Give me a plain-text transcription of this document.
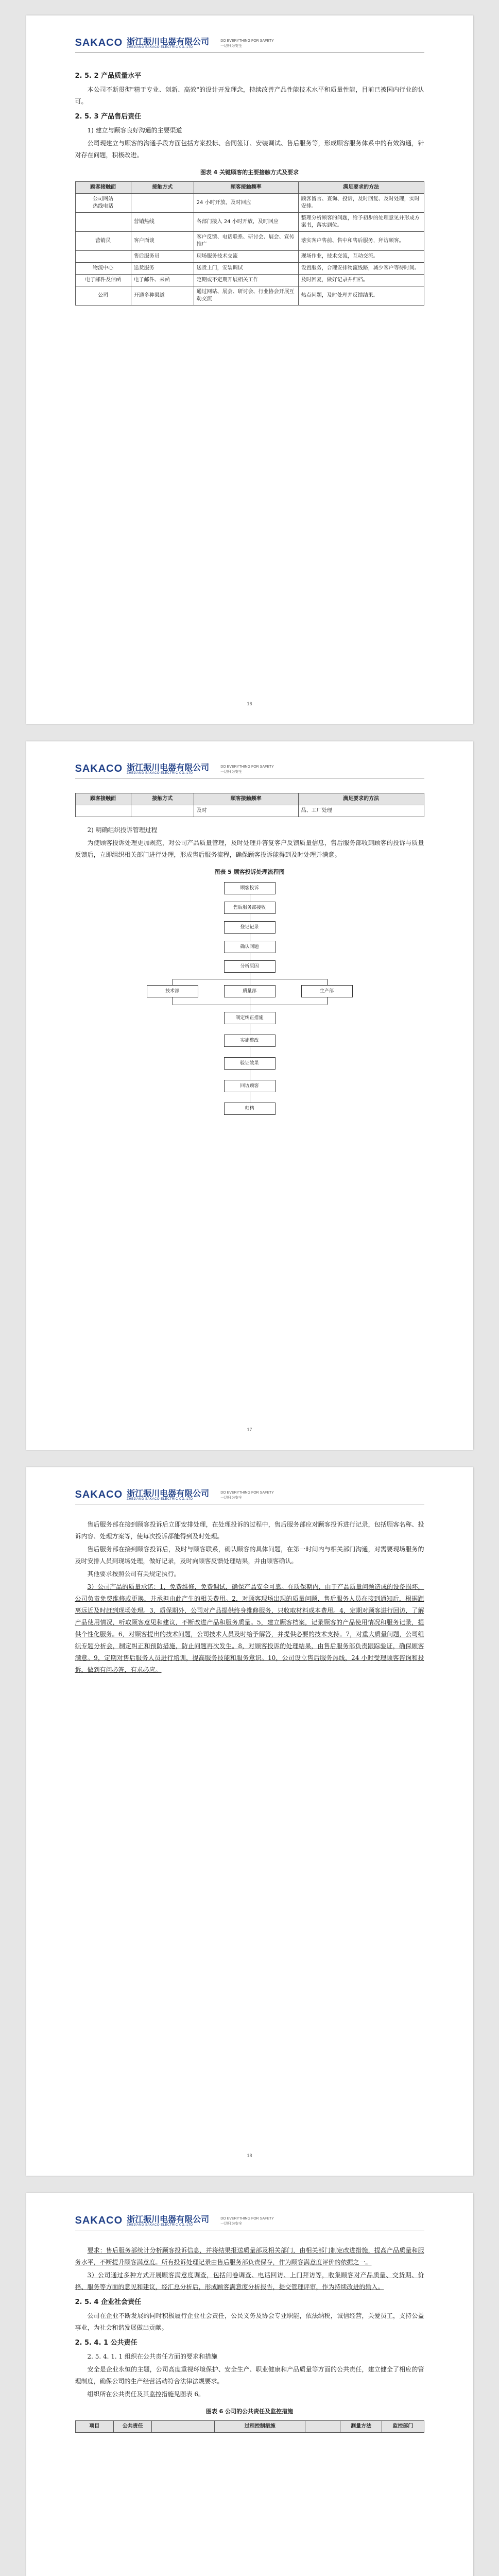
SAKACO 浙江振川电器有限公司
ZHEJIANG SAKACO ELECTRIC CO.,LTD
DO EVERYTHING FOR SAFETY
一切只为安全
2. 5. 2 产品质量水平

本公司不断贯彻"精于专业、创新、高效"的设计开发理念，持续改善产品性能技术水平和质量性能，目前已被国内行业的认可。

2. 5. 3 产品售后责任

1) 建立与顾客良好沟通的主要渠道

公司现建立与顾客的沟通手段方面包括方案投标、合同签订、安装调试、售后服务等，形成顾客服务体系中的有效沟通，针对存在问题，积极改进。

图表 4 关键顾客的主要接触方式及要求
顾客接触面	接触方式	顾客接触频率	满足要求的方法
公司网站
热线电话		24 小时开放，及时回应	顾客留言、查询、投诉，及时回复、及时处理，实时安排。
	营销热线	各部门接入 24 小时开放，及时回应	整理分析顾客的问题，给予初步的处理意见并形成方案书，落实到位。
营销员	客户面谈	客户反馈、电话联系、研讨会、展会、宣传推广	落实客户售前、售中和售后服务，拜访顾客。
	售后服务员	现场服务技术交流	现场作业，技术交流，互动交流。
物流中心	送货服务	送货上门，安装调试	设置服务，合理安排物流线路，减少客户等待时间。
电子邮件及信函	电子邮件、来函	定期或不定期开展相关工作	及时回复，做好记录并归档。
公司	开通多种渠道	通过网站、展会、研讨会、行业协会开展互动交流	热点问题，及时处理并反馈结果。
16
SAKACO 浙江振川电器有限公司
ZHEJIANG SAKACO ELECTRIC CO.,LTD
DO EVERYTHING FOR SAFETY
一切只为安全
顾客接触面	接触方式	顾客接触频率	满足要求的方法
		及时	品、工厂处理

2) 明确组织投诉管理过程

为使顾客投诉处理更加规范，对公司产品质量管理，及时处理并答复客户反馈质量信息，售后服务部收到顾客的投诉与质量反馈后，立即组织相关部门进行处理，形成售后服务流程，确保顾客投诉能得到及时处理并满意。

图表 5 顾客投诉处理流程图
顾客投诉
售后服务部接收
登记记录
确认问题
分析原因
技术部	质量部	生产部
制定纠正措施
实施整改
验证效果
回访顾客
归档
17
SAKACO 浙江振川电器有限公司
ZHEJIANG SAKACO ELECTRIC CO.,LTD
DO EVERYTHING FOR SAFETY
一切只为安全

售后服务部在接到顾客投诉后立即安排处理，在处理投诉的过程中，售后服务部应对顾客投诉进行记录，包括顾客名称、投诉内容、处理方案等，使每次投诉都能得到及时处理。

售后服务部在接到顾客投诉后，及时与顾客联系，确认顾客的具体问题，在第一时间内与相关部门沟通，对需要现场服务的及时安排人员到现场处理，做好记录，及时向顾客反馈处理结果，并由顾客确认。

其他要求按照公司有关规定执行。

3）公司产品的质量承诺：1，免费维修，免费调试，确保产品安全可靠。在质保期内，由于产品质量问题造成的设备损坏，公司负责免费维修或更换，并承担由此产生的相关费用。2，对顾客现场出现的质量问题，售后服务人员在接到通知后，根据距离远近及时赶到现场处理。3，质保期外，公司对产品提供终身维修服务，只收取材料成本费用。4，定期对顾客进行回访，了解产品使用情况，听取顾客意见和建议，不断改进产品和服务质量。5，建立顾客档案，记录顾客的产品使用情况和服务记录，提供个性化服务。6，对顾客提出的技术问题，公司技术人员及时给予解答，并提供必要的技术支持。7，对重大质量问题，公司组织专题分析会，制定纠正和预防措施，防止问题再次发生。8，对顾客投诉的处理结果，由售后服务部负责跟踪验证，确保顾客满意。9，定期对售后服务人员进行培训，提高服务技能和服务意识。10，公司设立售后服务热线，24 小时受理顾客咨询和投诉，做到有问必答，有求必应。

18
SAKACO 浙江振川电器有限公司
ZHEJIANG SAKACO ELECTRIC CO.,LTD
DO EVERYTHING FOR SAFETY
一切只为安全

要求：售后服务部统计分析顾客投诉信息，并将结果报送质量部及相关部门，由相关部门制定改进措施，提高产品质量和服务水平，不断提升顾客满意度。所有投诉处理记录由售后服务部负责保存，作为顾客满意度评价的依据之一。

3）公司通过多种方式开展顾客满意度调查，包括问卷调查、电话回访、上门拜访等，收集顾客对产品质量、交货期、价格、服务等方面的意见和建议，经汇总分析后，形成顾客满意度分析报告，提交管理评审，作为持续改进的输入。

2. 5. 4 企业社会责任

公司在企业不断发展的同时积极履行企业社会责任，公民义务及协会专业职能，依法纳税，诚信经营，关爱员工，支持公益事业，为社会和谐发展做出贡献。

2. 5. 4. 1 公共责任

2. 5. 4. 1. 1 组织在公共责任方面的要求和措施

安全是企业永恒的主题，公司高度重视环境保护、安全生产、职业健康和产品质量等方面的公共责任，建立健全了相应的管理制度，确保公司的生产经营活动符合法律法规要求。

组织所在公共责任及其监控措施见图表 6。

图表 6 公司的公共责任及监控措施
项目	公共责任		过程控制措施		测量方法	监控部门
